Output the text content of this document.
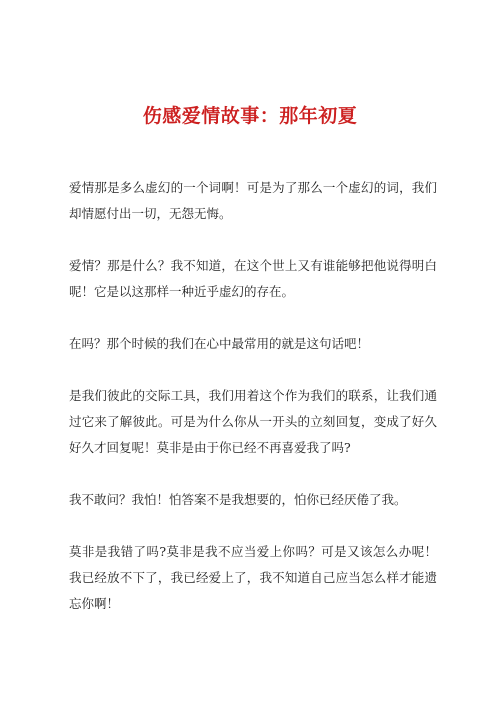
伤感爱情故事：那年初夏

爱情那是多么虚幻的一个词啊！可是为了那么一个虚幻的词，我们却情愿付出一切，无怨无悔。

爱情？那是什么？我不知道，在这个世上又有谁能够把他说得明白呢！它是以这那样一种近乎虚幻的存在。

在吗？那个时候的我们在心中最常用的就是这句话吧！

是我们彼此的交际工具，我们用着这个作为我们的联系，让我们通过它来了解彼此。可是为什么你从一开头的立刻回复，变成了好久好久才回复呢！莫非是由于你已经不再喜爱我了吗?

我不敢问？我怕！怕答案不是我想要的，怕你已经厌倦了我。

莫非是我错了吗?莫非是我不应当爱上你吗？可是又该怎么办呢！我已经放不下了，我已经爱上了，我不知道自己应当怎么样才能遗忘你啊！
